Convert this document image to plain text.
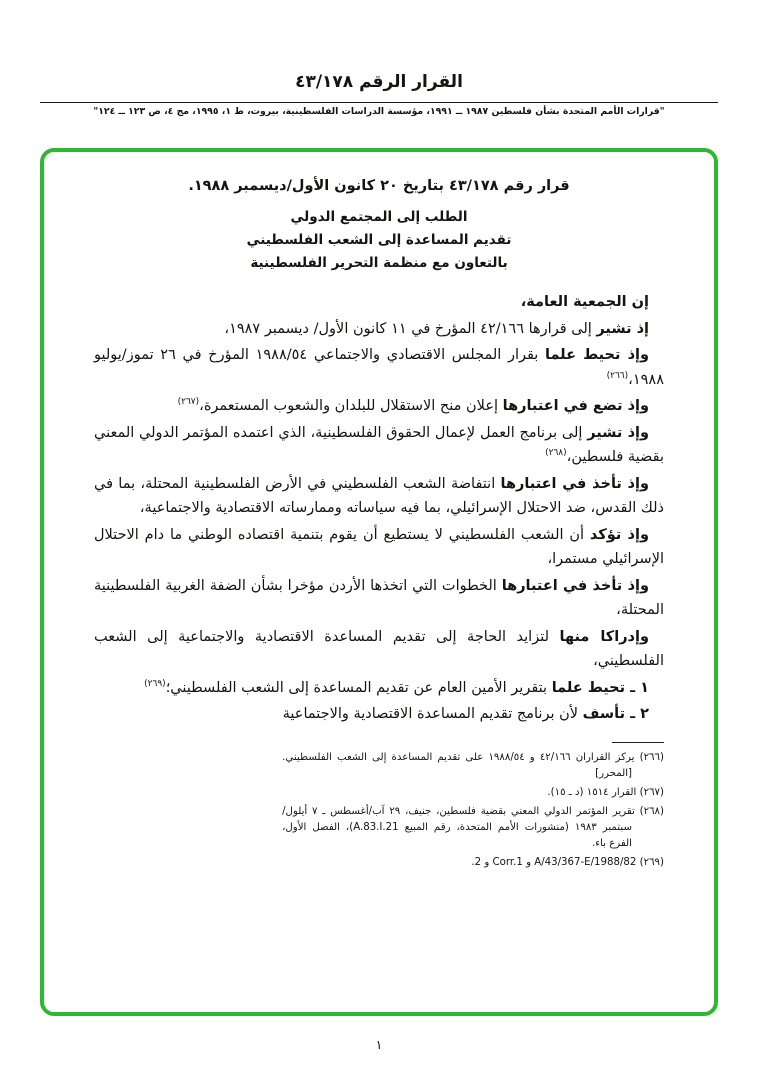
القرار الرقم ٤٣/١٧٨
"قرارات الأمم المتحدة بشأن فلسطين ١٩٨٧ ــ ١٩٩١، مؤسسة الدراسات الفلسطينية، بيروت، ط ١، ١٩٩٥، مج ٤، ص ١٢٣ ــ ١٢٤"
قرار رقم ٤٣/١٧٨ بتاريخ ٢٠ كانون الأول/ديسمبر ١٩٨٨.
الطلب إلى المجتمع الدولي
تقديم المساعدة إلى الشعب الفلسطيني
بالتعاون مع منظمة التحرير الفلسطينية

إن الجمعية العامة،

إذ تشير إلى قرارها ٤٢/١٦٦ المؤرخ في ١١ كانون الأول/ ديسمبر ١٩٨٧،

وإذ تحيط علما بقرار المجلس الاقتصادي والاجتماعي ١٩٨٨/٥٤ المؤرخ في ٢٦ تموز/يوليو ١٩٨٨،$^{(٢٦٦)}$

وإذ تضع في اعتبارها إعلان منح الاستقلال للبلدان والشعوب المستعمرة،$^{(٢٦٧)}$

وإذ تشير إلى برنامج العمل لإعمال الحقوق الفلسطينية، الذي اعتمده المؤتمر الدولي المعني بقضية فلسطين،$^{(٢٦٨)}$

وإذ تأخذ في اعتبارها انتفاضة الشعب الفلسطيني في الأرض الفلسطينية المحتلة، بما في ذلك القدس، ضد الاحتلال الإسرائيلي، بما فيه سياساته وممارساته الاقتصادية والاجتماعية،

وإذ تؤكد أن الشعب الفلسطيني لا يستطيع أن يقوم بتنمية اقتصاده الوطني ما دام الاحتلال الإسرائيلي مستمرا،

وإذ تأخذ في اعتبارها الخطوات التي اتخذها الأردن مؤخرا بشأن الضفة الغربية الفلسطينية المحتلة،

وإدراكا منها لتزايد الحاجة إلى تقديم المساعدة الاقتصادية والاجتماعية إلى الشعب الفلسطيني،

١ ـ تحيط علما بتقرير الأمين العام عن تقديم المساعدة إلى الشعب الفلسطيني؛$^{(٢٦٩)}$

٢ ـ تأسف لأن برنامج تقديم المساعدة الاقتصادية والاجتماعية

(٢٦٦) يركز القراران ٤٢/١٦٦ و ١٩٨٨/٥٤ على تقديم المساعدة إلى الشعب الفلسطيني. [المحرر]

(٢٦٧) القرار ١٥١٤ (د ـ ١٥).

(٢٦٨) تقرير المؤتمر الدولي المعني بقضية فلسطين، جنيف، ٢٩ آب/أغسطس ـ ٧ أيلول/سبتمبر ١٩٨٣ (منشورات الأمم المتحدة، رقم المبيع A.83.I.21)، الفصل الأول، الفرع باء.

(٢٦٩) A/43/367-E/1988/82 و Corr.1 و 2.

١
